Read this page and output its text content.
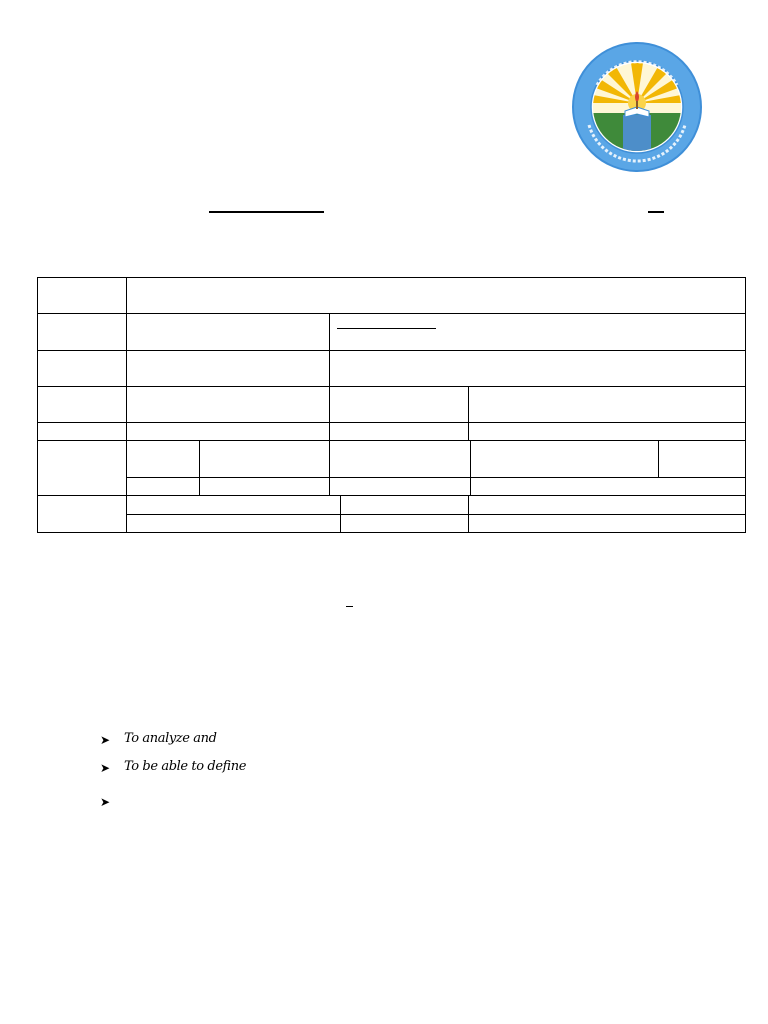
➤ To analyze and
➤ To be able to define
➤
